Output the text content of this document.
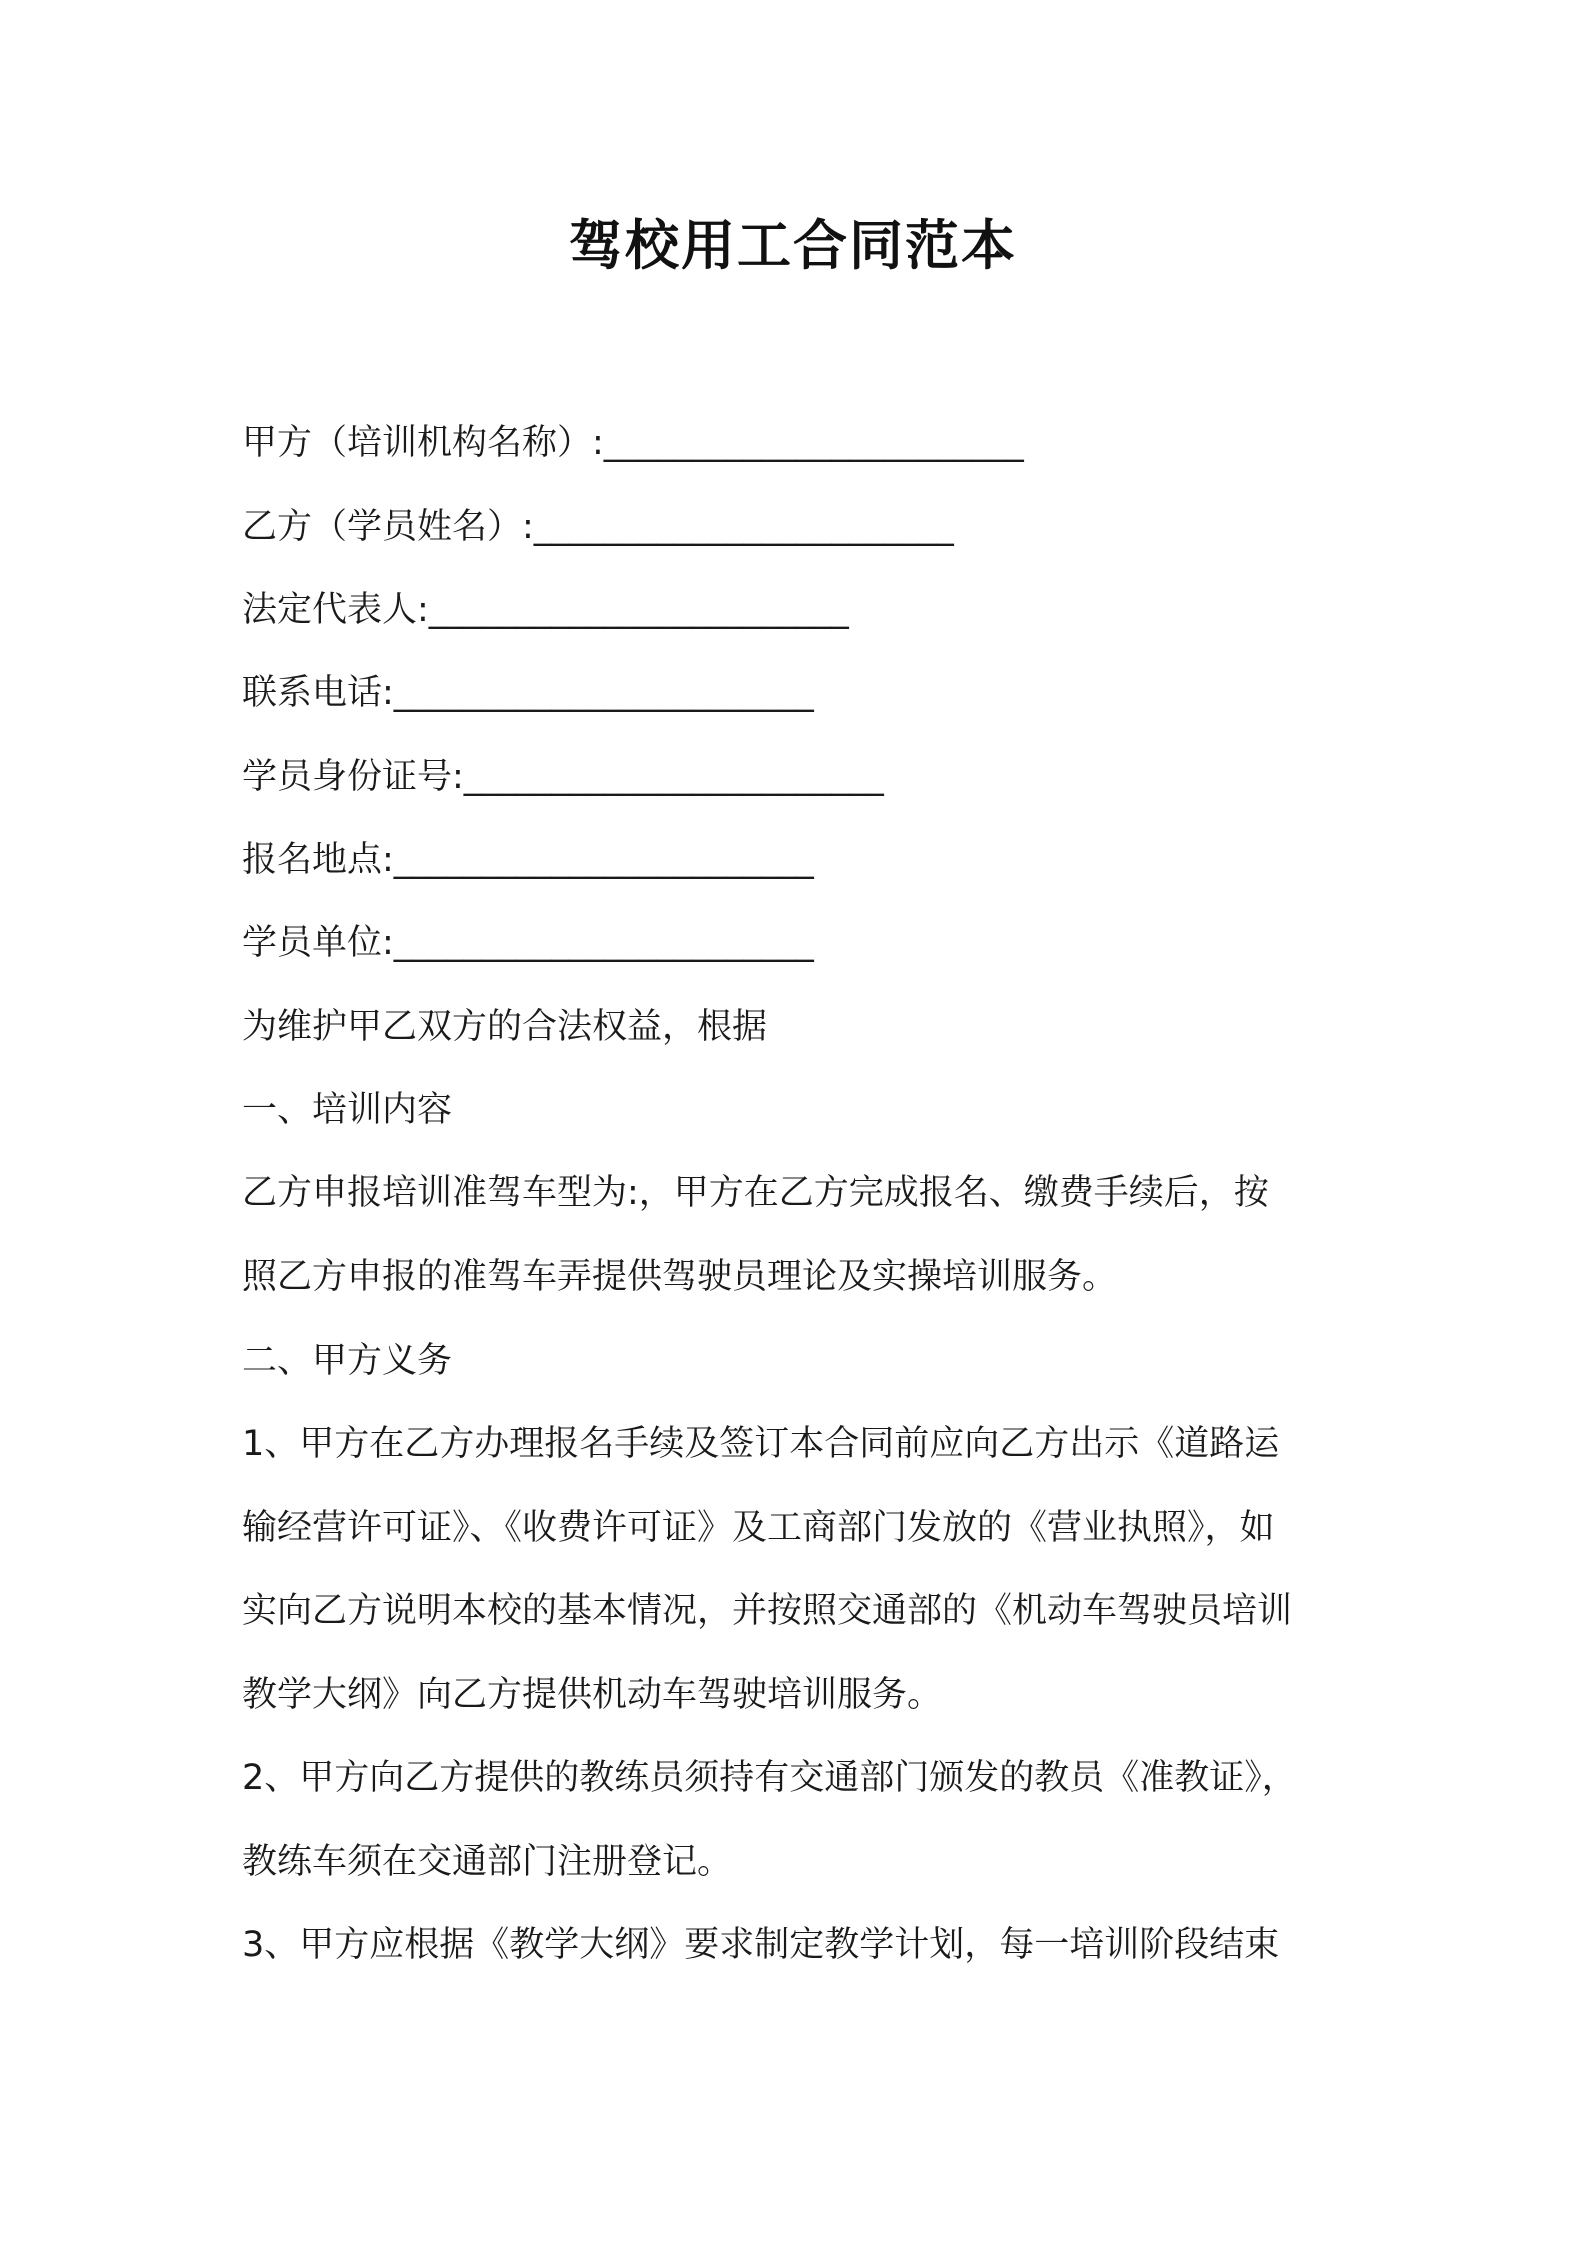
驾校用工合同范本
甲方（培训机构名称）:________________________
乙方（学员姓名）:________________________
法定代表人:________________________
联系电话:________________________
学员身份证号:________________________
报名地点:________________________
学员单位:________________________
为维护甲乙双方的合法权益，根据
一、培训内容
乙方申报培训准驾车型为:，甲方在乙方完成报名、缴费手续后，按
照乙方申报的准驾车弄提供驾驶员理论及实操培训服务。
二、甲方义务
1、甲方在乙方办理报名手续及签订本合同前应向乙方出示《道路运
输经营许可证》、《收费许可证》及工商部门发放的《营业执照》，如
实向乙方说明本校的基本情况，并按照交通部的《机动车驾驶员培训
教学大纲》向乙方提供机动车驾驶培训服务。
2、甲方向乙方提供的教练员须持有交通部门颁发的教员《准教证》，
教练车须在交通部门注册登记。
3、甲方应根据《教学大纲》要求制定教学计划，每一培训阶段结束
